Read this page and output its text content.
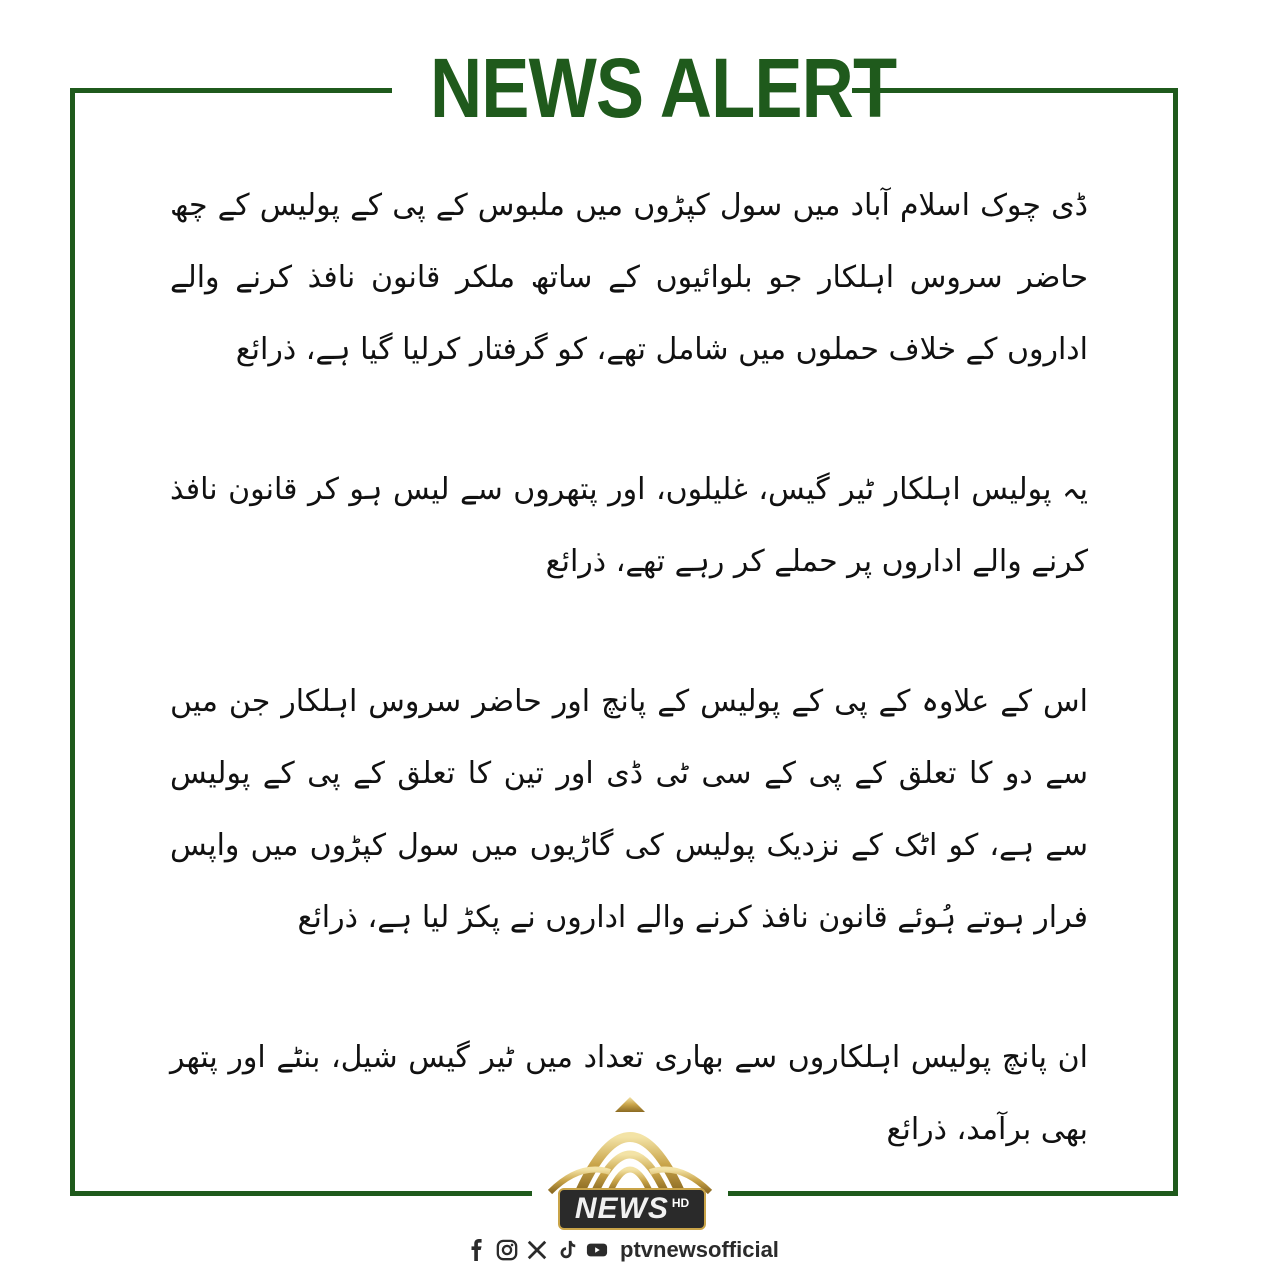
NEWS ALERT

ڈی چوک اسلام آباد میں سول کپڑوں میں ملبوس کے پی کے پولیس کے چھ حاضر سروس اہلکار جو بلوائیوں کے ساتھ ملکر قانون نافذ کرنے والے اداروں کے خلاف حملوں میں شامل تھے، کو گرفتار کرلیا گیا ہے، ذرائع

یہ پولیس اہلکار ٹیر گیس، غلیلوں، اور پتھروں سے لیس ہو کر قانون نافذ کرنے والے اداروں پر حملے کر رہے تھے، ذرائع

اس کے علاوہ کے پی کے پولیس کے پانچ اور حاضر سروس اہلکار جن میں سے دو کا تعلق کے پی کے سی ٹی ڈی اور تین کا تعلق کے پی کے پولیس سے ہے، کو اٹک کے نزدیک پولیس کی گاڑیوں میں سول کپڑوں میں واپس فرار ہوتے ہُوئے قانون نافذ کرنے والے اداروں نے پکڑ لیا ہے، ذرائع

ان پانچ پولیس اہلکاروں سے بھاری تعداد میں ٹیر گیس شیل، بنٹے اور پتھر بھی برآمد، ذرائع

NEWS HD
ptvnewsofficial
